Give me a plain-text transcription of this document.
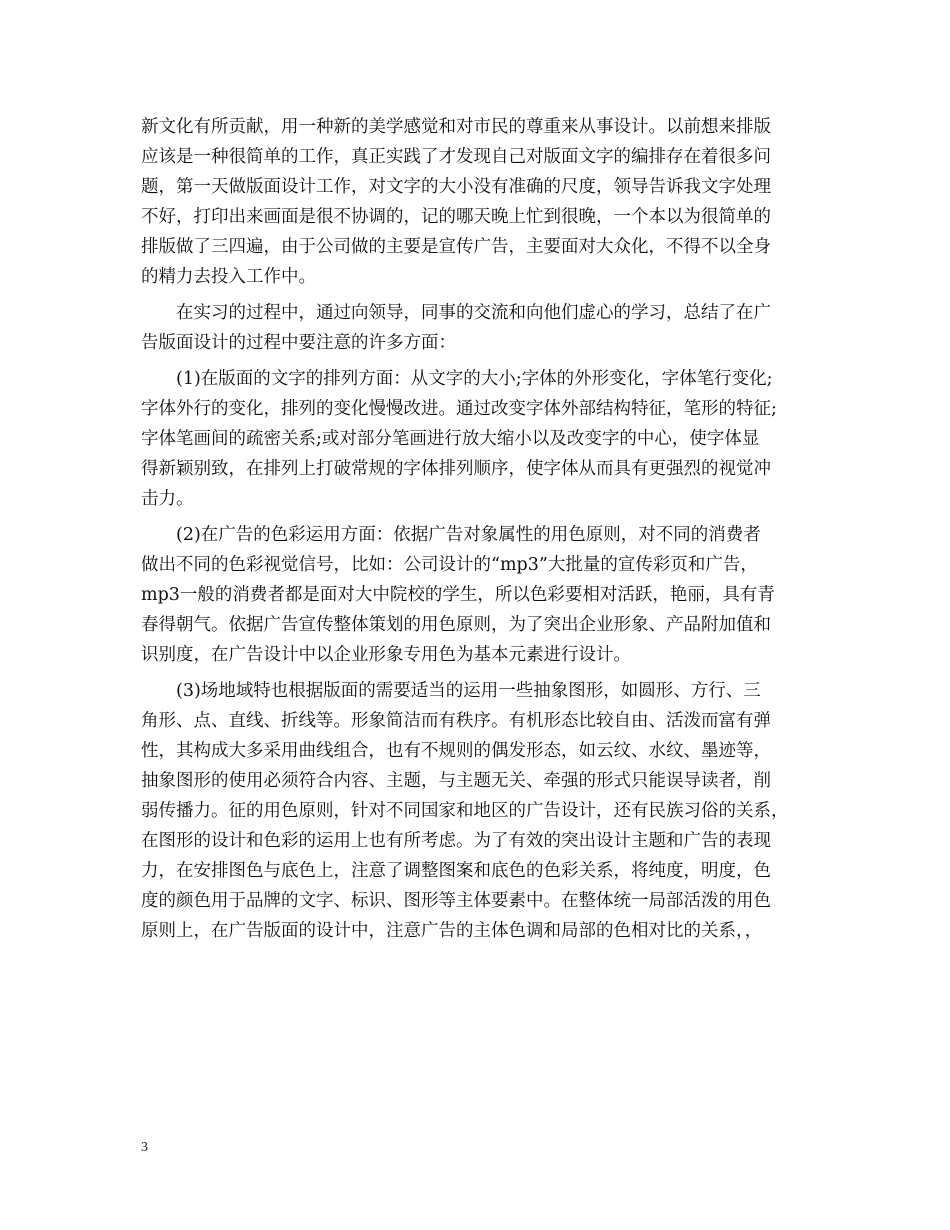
新文化有所贡献，用一种新的美学感觉和对市民的尊重来从事设计。以前想来排版
应该是一种很简单的工作，真正实践了才发现自己对版面文字的编排存在着很多问
题，第一天做版面设计工作，对文字的大小没有准确的尺度，领导告诉我文字处理
不好，打印出来画面是很不协调的，记的哪天晚上忙到很晚，一个本以为很简单的
排版做了三四遍，由于公司做的主要是宣传广告，主要面对大众化，不得不以全身
的精力去投入工作中。
　　在实习的过程中，通过向领导，同事的交流和向他们虚心的学习，总结了在广
告版面设计的过程中要注意的许多方面：
　　(1)在版面的文字的排列方面：从文字的大小;字体的外形变化，字体笔行变化;
字体外行的变化，排列的变化慢慢改进。通过改变字体外部结构特征，笔形的特征;
字体笔画间的疏密关系;或对部分笔画进行放大缩小以及改变字的中心，使字体显
得新颖别致，在排列上打破常规的字体排列顺序，使字体从而具有更强烈的视觉冲
击力。
　　(2)在广告的色彩运用方面：依据广告对象属性的用色原则，对不同的消费者
做出不同的色彩视觉信号，比如：公司设计的“mp3”大批量的宣传彩页和广告，
mp3一般的消费者都是面对大中院校的学生，所以色彩要相对活跃，艳丽，具有青
春得朝气。依据广告宣传整体策划的用色原则，为了突出企业形象、产品附加值和
识别度，在广告设计中以企业形象专用色为基本元素进行设计。
　　(3)场地域特也根据版面的需要适当的运用一些抽象图形，如圆形、方行、三
角形、点、直线、折线等。形象简洁而有秩序。有机形态比较自由、活泼而富有弹
性，其构成大多采用曲线组合，也有不规则的偶发形态，如云纹、水纹、墨迹等，
抽象图形的使用必须符合内容、主题，与主题无关、牵强的形式只能误导读者，削
弱传播力。征的用色原则，针对不同国家和地区的广告设计，还有民族习俗的关系，
在图形的设计和色彩的运用上也有所考虑。为了有效的突出设计主题和广告的表现
力，在安排图色与底色上，注意了调整图案和底色的色彩关系，将纯度，明度，色
度的颜色用于品牌的文字、标识、图形等主体要素中。在整体统一局部活泼的用色
原则上，在广告版面的设计中，注意广告的主体色调和局部的色相对比的关系，，
3
